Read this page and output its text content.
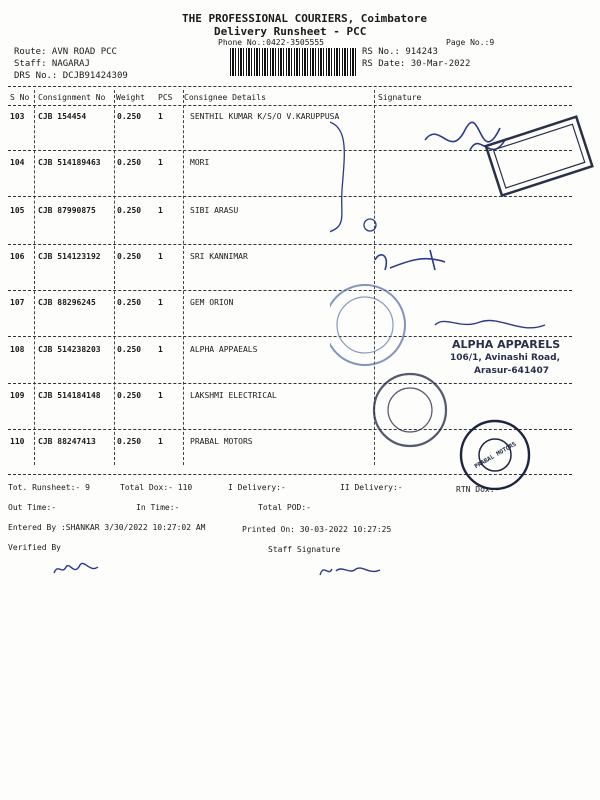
THE PROFESSIONAL COURIERS, Coimbatore
Delivery Runsheet - PCC
Phone No.:0422-3505555	Page No.:9
Route: AVN ROAD PCC
Staff: NAGARAJ
DRS No.: DCJB91424309
RS No.: 914243
RS Date: 30-Mar-2022
S No Consignment No Weight PCS Consignee Details	Signature
103 CJB 154454	0.250 1	SENTHIL KUMAR K/S/O V.KARUPPUSA
104 CJB 514189463 0.250 1	MORI
105 CJB 87990875	0.250 1	SIBI ARASU
106 CJB 514123192 0.250 1	SRI KANNIMAR
107 CJB 88296245	0.250 1	GEM ORION
108 CJB 514238203 0.250 1	ALPHA APPAEALS
109 CJB 514184148 0.250 1	LAKSHMI ELECTRICAL
110 CJB 88247413	0.250 1	PRABAL MOTORS
ALPHA APPARELS
106/1, Avinashi Road,
Arasur-641407
PRABAL MOTORS
Tot. Runsheet:- 9	Total Dox:- 110	I Delivery:-	II Delivery:-	RTN Dox:-
Out Time:-	In Time:-	Total POD:-
Entered By :SHANKAR 3/30/2022 10:27:02 AM	Printed On: 30-03-2022 10:27:25
Verified By	Staff Signature
